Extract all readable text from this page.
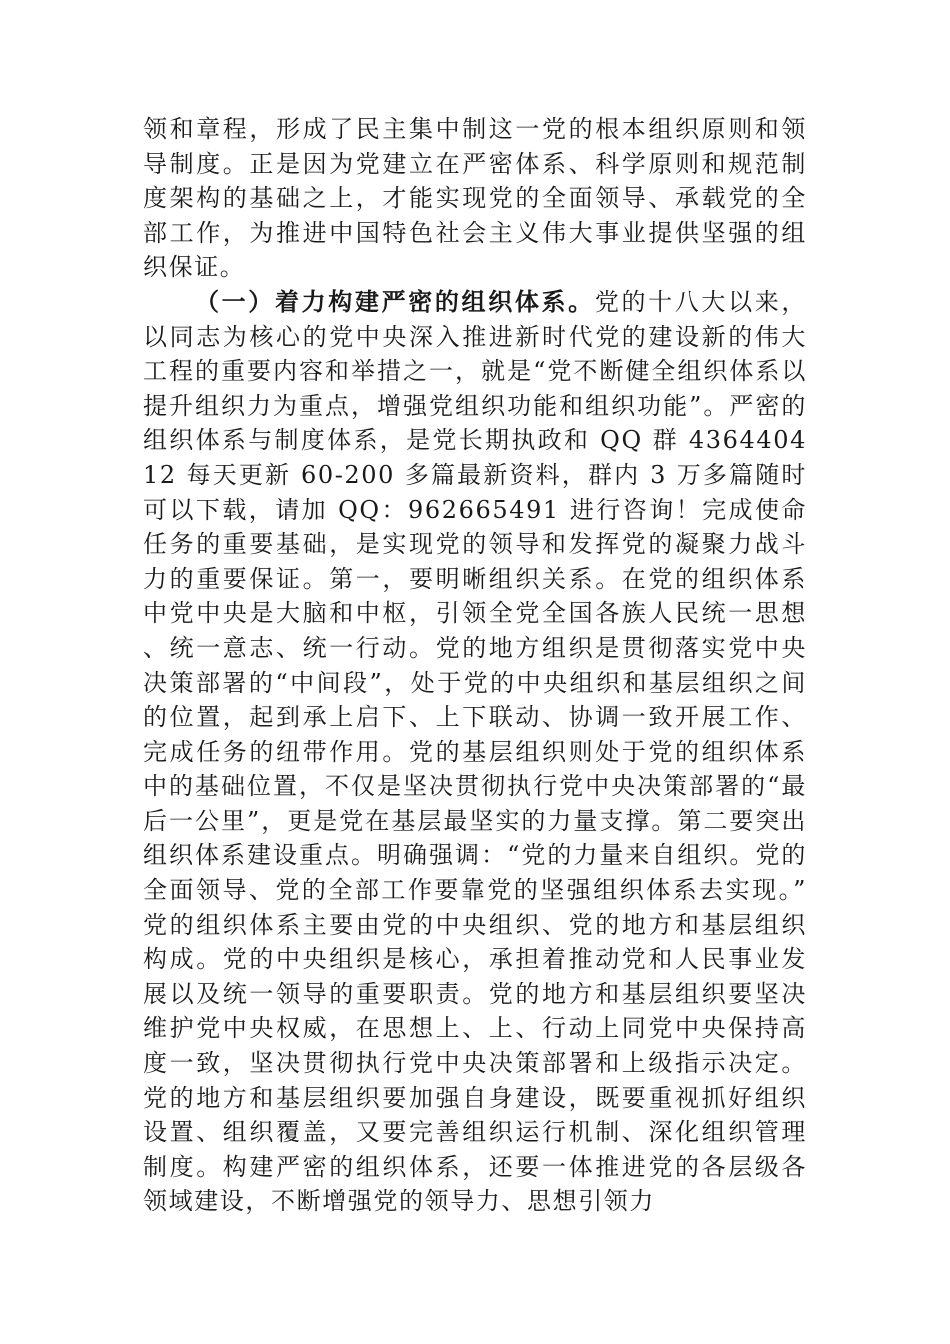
领和章程，形成了民主集中制这一党的根本组织原则和领导制度。正是因为党建立在严密体系、科学原则和规范制度架构的基础之上，才能实现党的全面领导、承载党的全部工作，为推进中国特色社会主义伟大事业提供坚强的组织保证。

（一）着力构建严密的组织体系。党的十八大以来，以同志为核心的党中央深入推进新时代党的建设新的伟大工程的重要内容和举措之一，就是“党不断健全组织体系以提升组织力为重点，增强党组织功能和组织功能”。严密的组织体系与制度体系，是党长期执政和 QQ 群 436440412 每天更新 60-200 多篇最新资料，群内 3 万多篇随时可以下载，请加 QQ：962665491 进行咨询！完成使命任务的重要基础，是实现党的领导和发挥党的凝聚力战斗力的重要保证。第一，要明晰组织关系。在党的组织体系中党中央是大脑和中枢，引领全党全国各族人民统一思想、统一意志、统一行动。党的地方组织是贯彻落实党中央决策部署的“中间段”，处于党的中央组织和基层组织之间的位置，起到承上启下、上下联动、协调一致开展工作、完成任务的纽带作用。党的基层组织则处于党的组织体系中的基础位置，不仅是坚决贯彻执行党中央决策部署的“最后一公里”，更是党在基层最坚实的力量支撑。第二要突出组织体系建设重点。明确强调：“党的力量来自组织。党的全面领导、党的全部工作要靠党的坚强组织体系去实现。”党的组织体系主要由党的中央组织、党的地方和基层组织构成。党的中央组织是核心，承担着推动党和人民事业发展以及统一领导的重要职责。党的地方和基层组织要坚决维护党中央权威，在思想上、上、行动上同党中央保持高度一致，坚决贯彻执行党中央决策部署和上级指示决定。党的地方和基层组织要加强自身建设，既要重视抓好组织设置、组织覆盖，又要完善组织运行机制、深化组织管理制度。构建严密的组织体系，还要一体推进党的各层级各领域建设，不断增强党的领导力、思想引领力
